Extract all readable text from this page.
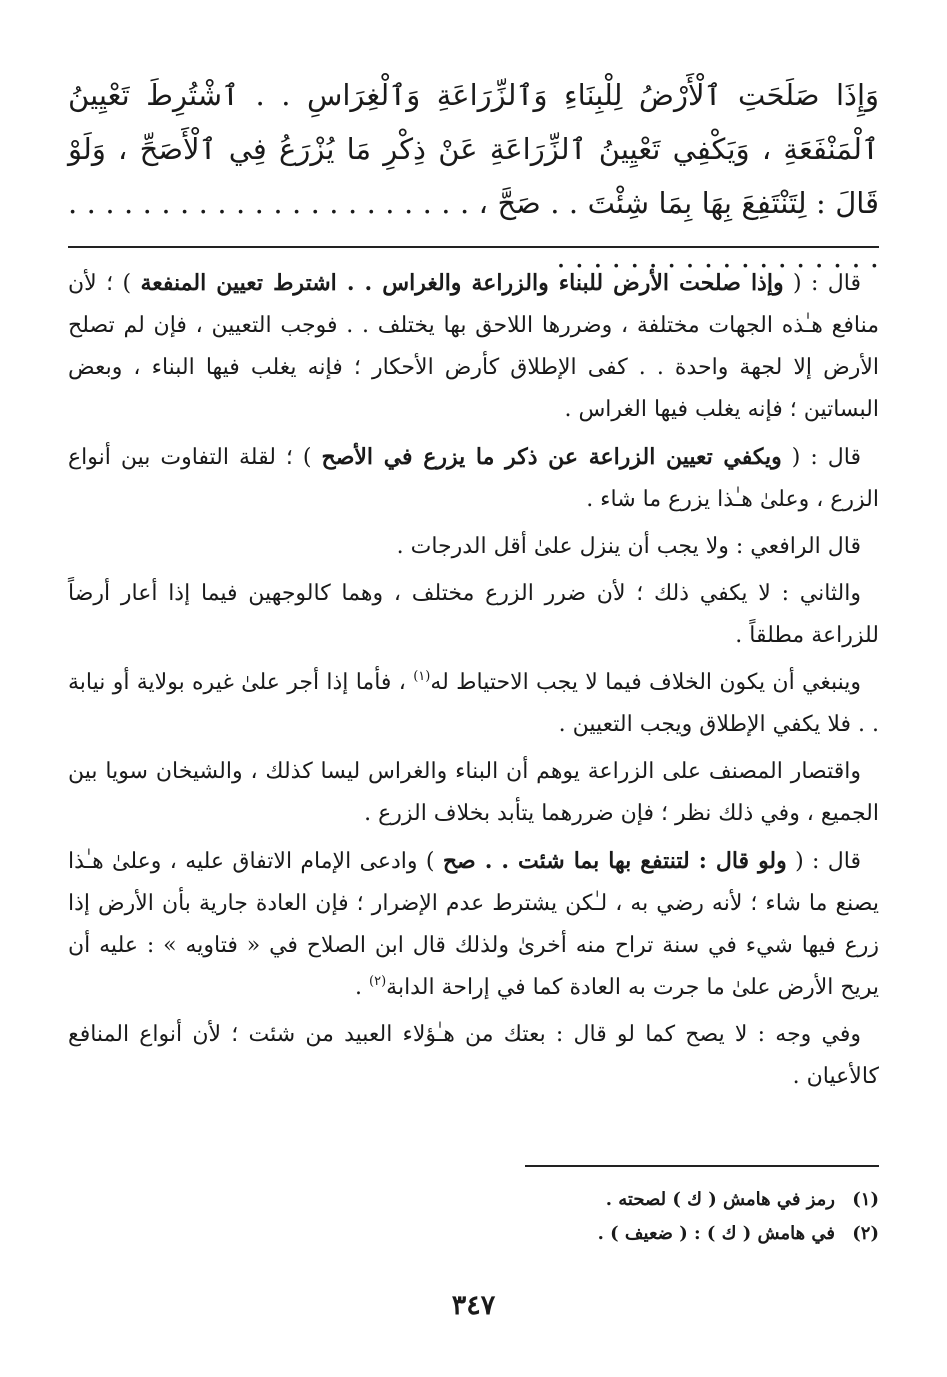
وَإِذَا صَلَحَتِ ٱلْأَرْضُ لِلْبِنَاءِ وَٱلزِّرَاعَةِ وَٱلْغِرَاسِ . . ٱشْتُرِطَ تَعْيِينُ ٱلْمَنْفَعَةِ ، وَيَكْفِي تَعْيِينُ ٱلزِّرَاعَةِ عَنْ ذِكْرِ مَا يُزْرَعُ فِي ٱلْأَصَحِّ ، وَلَوْ قَالَ : لِتَنْتَفِعَ بِهَا بِمَا شِئْتَ . . صَحَّ ، . . . . . . . . . . . . . . . . . . . . . . . . . . . . . . . . . . . . . . . .

قال : ( وإذا صلحت الأرض للبناء والزراعة والغراس . . اشترط تعيين المنفعة ) ؛ لأن منافع هـٰذه الجهات مختلفة ، وضررها اللاحق بها يختلف . . فوجب التعيين ، فإن لم تصلح الأرض إلا لجهة واحدة . . كفى الإطلاق كأرض الأحكار ؛ فإنه يغلب فيها البناء ، وبعض البساتين ؛ فإنه يغلب فيها الغراس .

قال : ( ويكفي تعيين الزراعة عن ذكر ما يزرع في الأصح ) ؛ لقلة التفاوت بين أنواع الزرع ، وعلىٰ هـٰذا يزرع ما شاء .

قال الرافعي : ولا يجب أن ينزل علىٰ أقل الدرجات .

والثاني : لا يكفي ذلك ؛ لأن ضرر الزرع مختلف ، وهما كالوجهين فيما إذا أعار أرضاً للزراعة مطلقاً .

وينبغي أن يكون الخلاف فيما لا يجب الاحتياط له$^{(١)}$ ، فأما إذا أجر علىٰ غيره بولاية أو نيابة . . فلا يكفي الإطلاق ويجب التعيين .

واقتصار المصنف على الزراعة يوهم أن البناء والغراس ليسا كذلك ، والشيخان سويا بين الجميع ، وفي ذلك نظر ؛ فإن ضررهما يتأبد بخلاف الزرع .

قال : ( ولو قال : لتنتفع بها بما شئت . . صح ) وادعى الإمام الاتفاق عليه ، وعلىٰ هـٰذا يصنع ما شاء ؛ لأنه رضي به ، لـٰكن يشترط عدم الإضرار ؛ فإن العادة جارية بأن الأرض إذا زرع فيها شيء في سنة تراح منه أخرىٰ ولذلك قال ابن الصلاح في « فتاويه » : عليه أن يريح الأرض علىٰ ما جرت به العادة كما في إراحة الدابة$^{(٢)}$ .

وفي وجه : لا يصح كما لو قال : بعتك من هـٰؤلاء العبيد من شئت ؛ لأن أنواع المنافع كالأعيان .

(١)
رمز في هامش ( ك ) لصحته .
(٢)
في هامش ( ك ) : ( ضعيف ) .
٣٤٧
